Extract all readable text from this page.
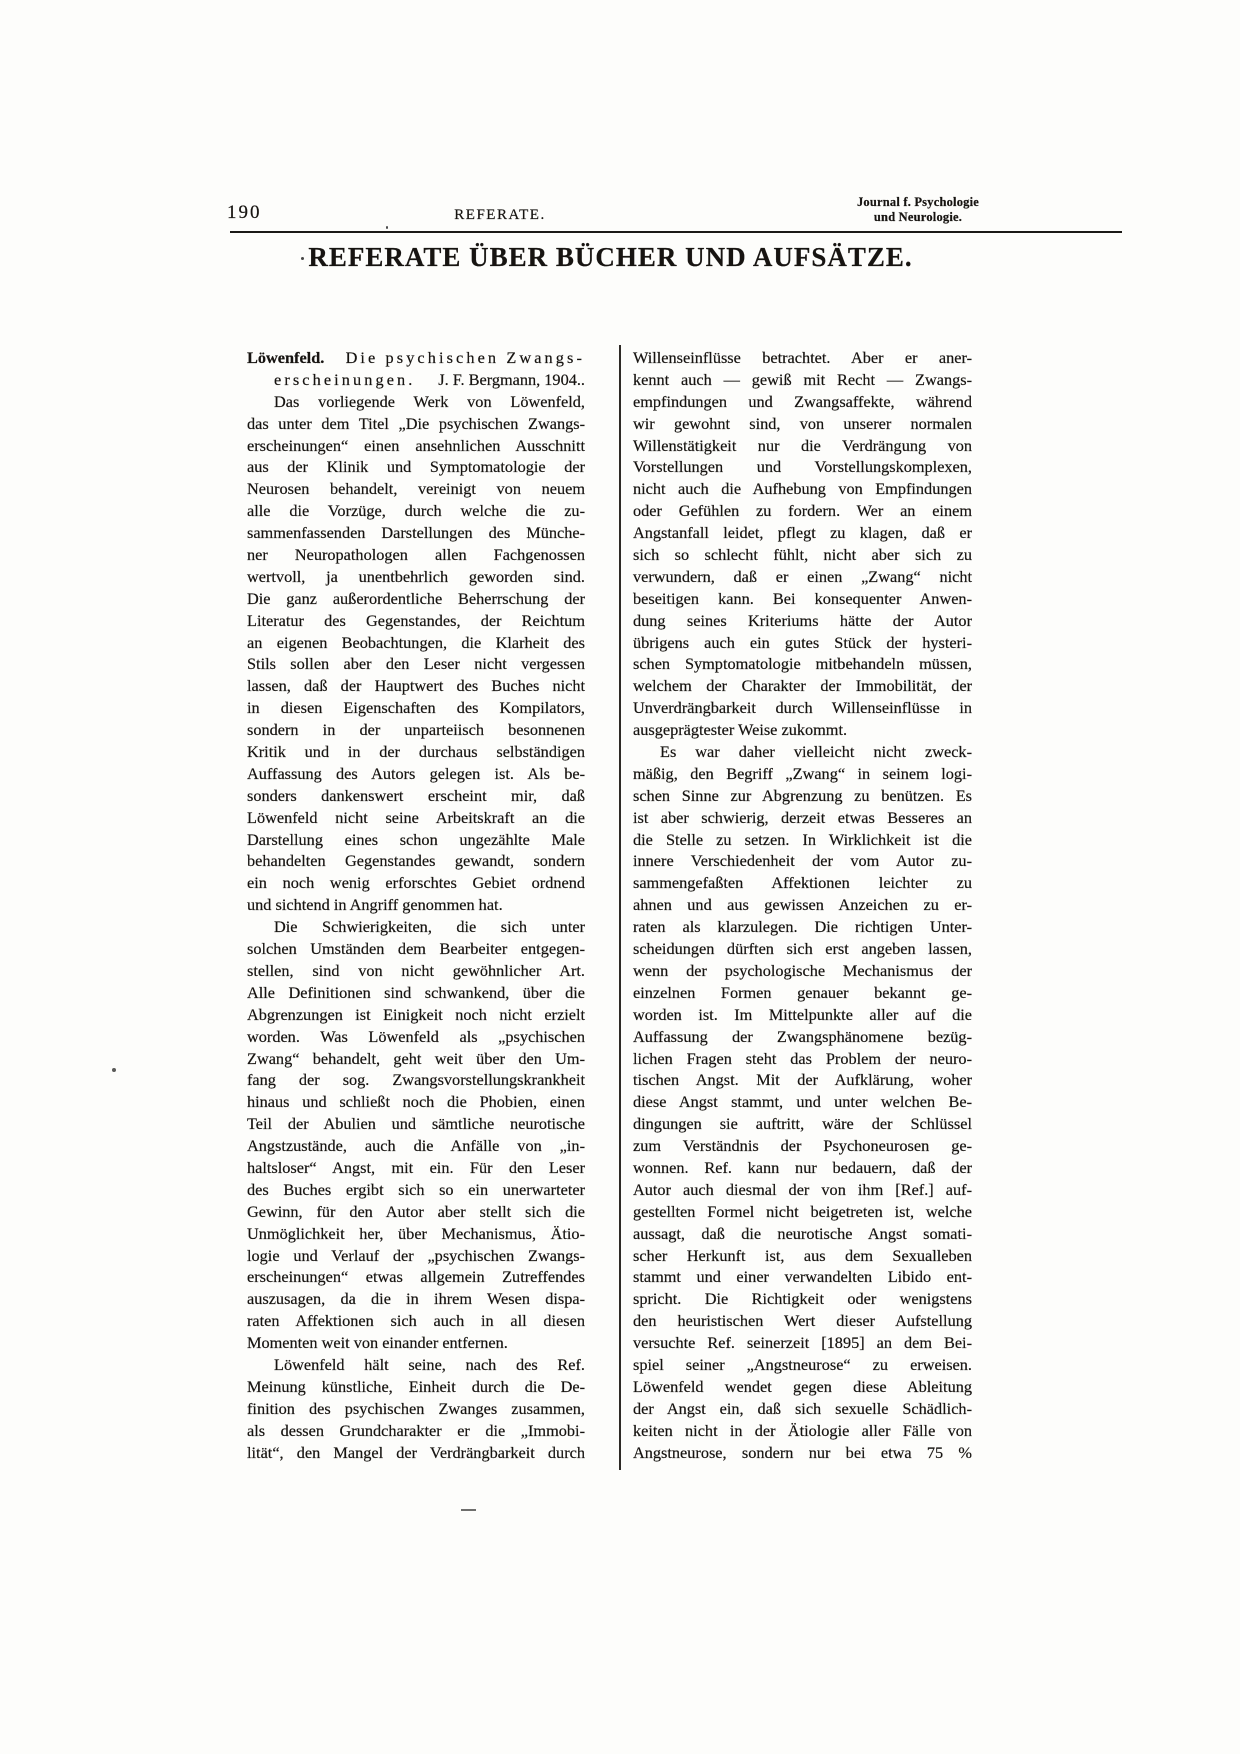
190	REFERATE.
Journal f. Psychologie
und Neurologie.
REFERATE ÜBER BÜCHER UND AUFSÄTZE.
Löwenfeld. Die psychischen Zwangs-
erscheinungen. J. F. Bergmann, 1904..
Das vorliegende Werk von Löwenfeld,
das unter dem Titel „Die psychischen Zwangs-
erscheinungen“ einen ansehnlichen Ausschnitt
aus der Klinik und Symptomatologie der
Neurosen behandelt, vereinigt von neuem
alle die Vorzüge, durch welche die zu-
sammenfassenden Darstellungen des Münche-
ner Neuropathologen allen Fachgenossen
wertvoll, ja unentbehrlich geworden sind.
Die ganz außerordentliche Beherrschung der
Literatur des Gegenstandes, der Reichtum
an eigenen Beobachtungen, die Klarheit des
Stils sollen aber den Leser nicht vergessen
lassen, daß der Hauptwert des Buches nicht
in diesen Eigenschaften des Kompilators,
sondern in der unparteiisch besonnenen
Kritik und in der durchaus selbständigen
Auffassung des Autors gelegen ist. Als be-
sonders dankenswert erscheint mir, daß
Löwenfeld nicht seine Arbeitskraft an die
Darstellung eines schon ungezählte Male
behandelten Gegenstandes gewandt, sondern
ein noch wenig erforschtes Gebiet ordnend
und sichtend in Angriff genommen hat.
Die Schwierigkeiten, die sich unter
solchen Umständen dem Bearbeiter entgegen-
stellen, sind von nicht gewöhnlicher Art.
Alle Definitionen sind schwankend, über die
Abgrenzungen ist Einigkeit noch nicht erzielt
worden. Was Löwenfeld als „psychischen
Zwang“ behandelt, geht weit über den Um-
fang der sog. Zwangsvorstellungskrankheit
hinaus und schließt noch die Phobien, einen
Teil der Abulien und sämtliche neurotische
Angstzustände, auch die Anfälle von „in-
haltsloser“ Angst, mit ein. Für den Leser
des Buches ergibt sich so ein unerwarteter
Gewinn, für den Autor aber stellt sich die
Unmöglichkeit her, über Mechanismus, Ätio-
logie und Verlauf der „psychischen Zwangs-
erscheinungen“ etwas allgemein Zutreffendes
auszusagen, da die in ihrem Wesen dispa-
raten Affektionen sich auch in all diesen
Momenten weit von einander entfernen.
Löwenfeld hält seine, nach des Ref.
Meinung künstliche, Einheit durch die De-
finition des psychischen Zwanges zusammen,
als dessen Grundcharakter er die „Immobi-
lität“, den Mangel der Verdrängbarkeit durch
Willenseinflüsse betrachtet. Aber er aner-
kennt auch — gewiß mit Recht — Zwangs-
empfindungen und Zwangsaffekte, während
wir gewohnt sind, von unserer normalen
Willenstätigkeit nur die Verdrängung von
Vorstellungen und Vorstellungskomplexen,
nicht auch die Aufhebung von Empfindungen
oder Gefühlen zu fordern. Wer an einem
Angstanfall leidet, pflegt zu klagen, daß er
sich so schlecht fühlt, nicht aber sich zu
verwundern, daß er einen „Zwang“ nicht
beseitigen kann. Bei konsequenter Anwen-
dung seines Kriteriums hätte der Autor
übrigens auch ein gutes Stück der hysteri-
schen Symptomatologie mitbehandeln müssen,
welchem der Charakter der Immobilität, der
Unverdrängbarkeit durch Willenseinflüsse in
ausgeprägtester Weise zukommt.
Es war daher vielleicht nicht zweck-
mäßig, den Begriff „Zwang“ in seinem logi-
schen Sinne zur Abgrenzung zu benützen. Es
ist aber schwierig, derzeit etwas Besseres an
die Stelle zu setzen. In Wirklichkeit ist die
innere Verschiedenheit der vom Autor zu-
sammengefaßten Affektionen leichter zu
ahnen und aus gewissen Anzeichen zu er-
raten als klarzulegen. Die richtigen Unter-
scheidungen dürften sich erst angeben lassen,
wenn der psychologische Mechanismus der
einzelnen Formen genauer bekannt ge-
worden ist. Im Mittelpunkte aller auf die
Auffassung der Zwangsphänomene bezüg-
lichen Fragen steht das Problem der neuro-
tischen Angst. Mit der Aufklärung, woher
diese Angst stammt, und unter welchen Be-
dingungen sie auftritt, wäre der Schlüssel
zum Verständnis der Psychoneurosen ge-
wonnen. Ref. kann nur bedauern, daß der
Autor auch diesmal der von ihm [Ref.] auf-
gestellten Formel nicht beigetreten ist, welche
aussagt, daß die neurotische Angst somati-
scher Herkunft ist, aus dem Sexualleben
stammt und einer verwandelten Libido ent-
spricht. Die Richtigkeit oder wenigstens
den heuristischen Wert dieser Aufstellung
versuchte Ref. seinerzeit [1895] an dem Bei-
spiel seiner „Angstneurose“ zu erweisen.
Löwenfeld wendet gegen diese Ableitung
der Angst ein, daß sich sexuelle Schädlich-
keiten nicht in der Ätiologie aller Fälle von
Angstneurose, sondern nur bei etwa 75 %
